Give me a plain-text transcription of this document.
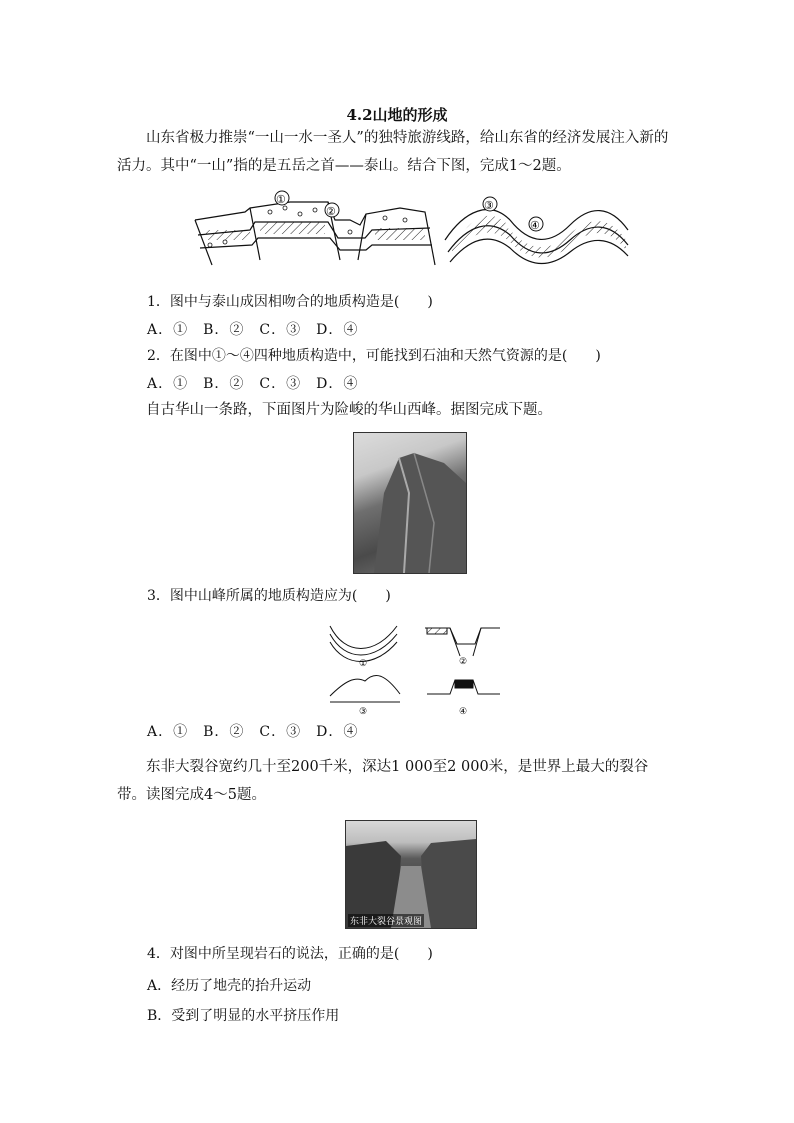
4.2山地的形成
山东省极力推崇“一山一水一圣人”的独特旅游线路，给山东省的经济发展注入新的活力。其中“一山”指的是五岳之首——泰山。结合下图，完成1～2题。
①
②	③
④
1．图中与泰山成因相吻合的地质构造是(　　)
A．①　B．②　C．③　D．④
2．在图中①～④四种地质构造中，可能找到石油和天然气资源的是(　　)
A．①　B．②　C．③　D．④
自古华山一条路，下面图片为险峻的华山西峰。据图完成下题。
3．图中山峰所属的地质构造应为(　　)
①	②
③	④
A．①　B．②　C．③　D．④
东非大裂谷宽约几十至200千米，深达1 000至2 000米，是世界上最大的裂谷带。读图完成4～5题。
东非大裂谷景观图
4．对图中所呈现岩石的说法，正确的是(　　)
A．经历了地壳的抬升运动
B．受到了明显的水平挤压作用
